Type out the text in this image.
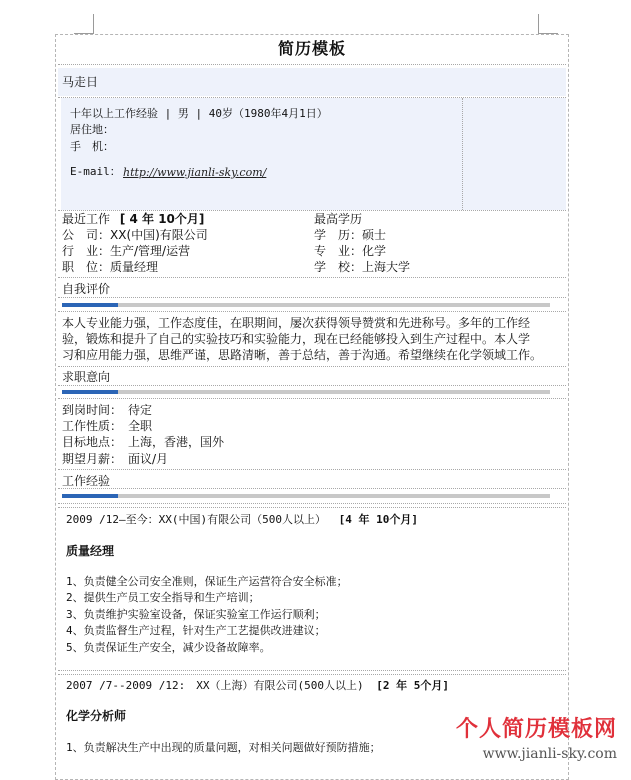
简历模板
马走日
十年以上工作经验 | 男 | 40岁（1980年4月1日）
居住地：
手　机：
E-mail： http://www.jianli-sky.com/
最近工作 [ 4 年 10个月]
公　司：XX(中国)有限公司
行　业：生产/管理/运营
职　位：质量经理
最高学历
学　历：硕士
专　业：化学
学　校：上海大学
自我评价
本人专业能力强，工作态度佳，在职期间，屡次获得领导赞赏和先进称号。多年的工作经
验，锻炼和提升了自己的实验技巧和实验能力，现在已经能够投入到生产过程中。本人学
习和应用能力强，思维严谨，思路清晰，善于总结，善于沟通。希望继续在化学领域工作。
求职意向
到岗时间：　待定
工作性质：　全职
目标地点：　上海，香港，国外
期望月薪：　面议/月
工作经验
2009 /12—至今：XX(中国)有限公司（500人以上） [4 年 10个月]
质量经理
1、负责健全公司安全准则，保证生产运营符合安全标准；
2、提供生产员工安全指导和生产培训；
3、负责维护实验室设备，保证实验室工作运行顺利；
4、负责监督生产过程，针对生产工艺提供改进建议；
5、负责保证生产安全，减少设备故障率。
2007 /7--2009 /12:　XX（上海）有限公司(500人以上) [2 年 5个月]
化学分析师
1、负责解决生产中出现的质量问题，对相关问题做好预防措施；
个人简历模板网
www.jianli-sky.com
